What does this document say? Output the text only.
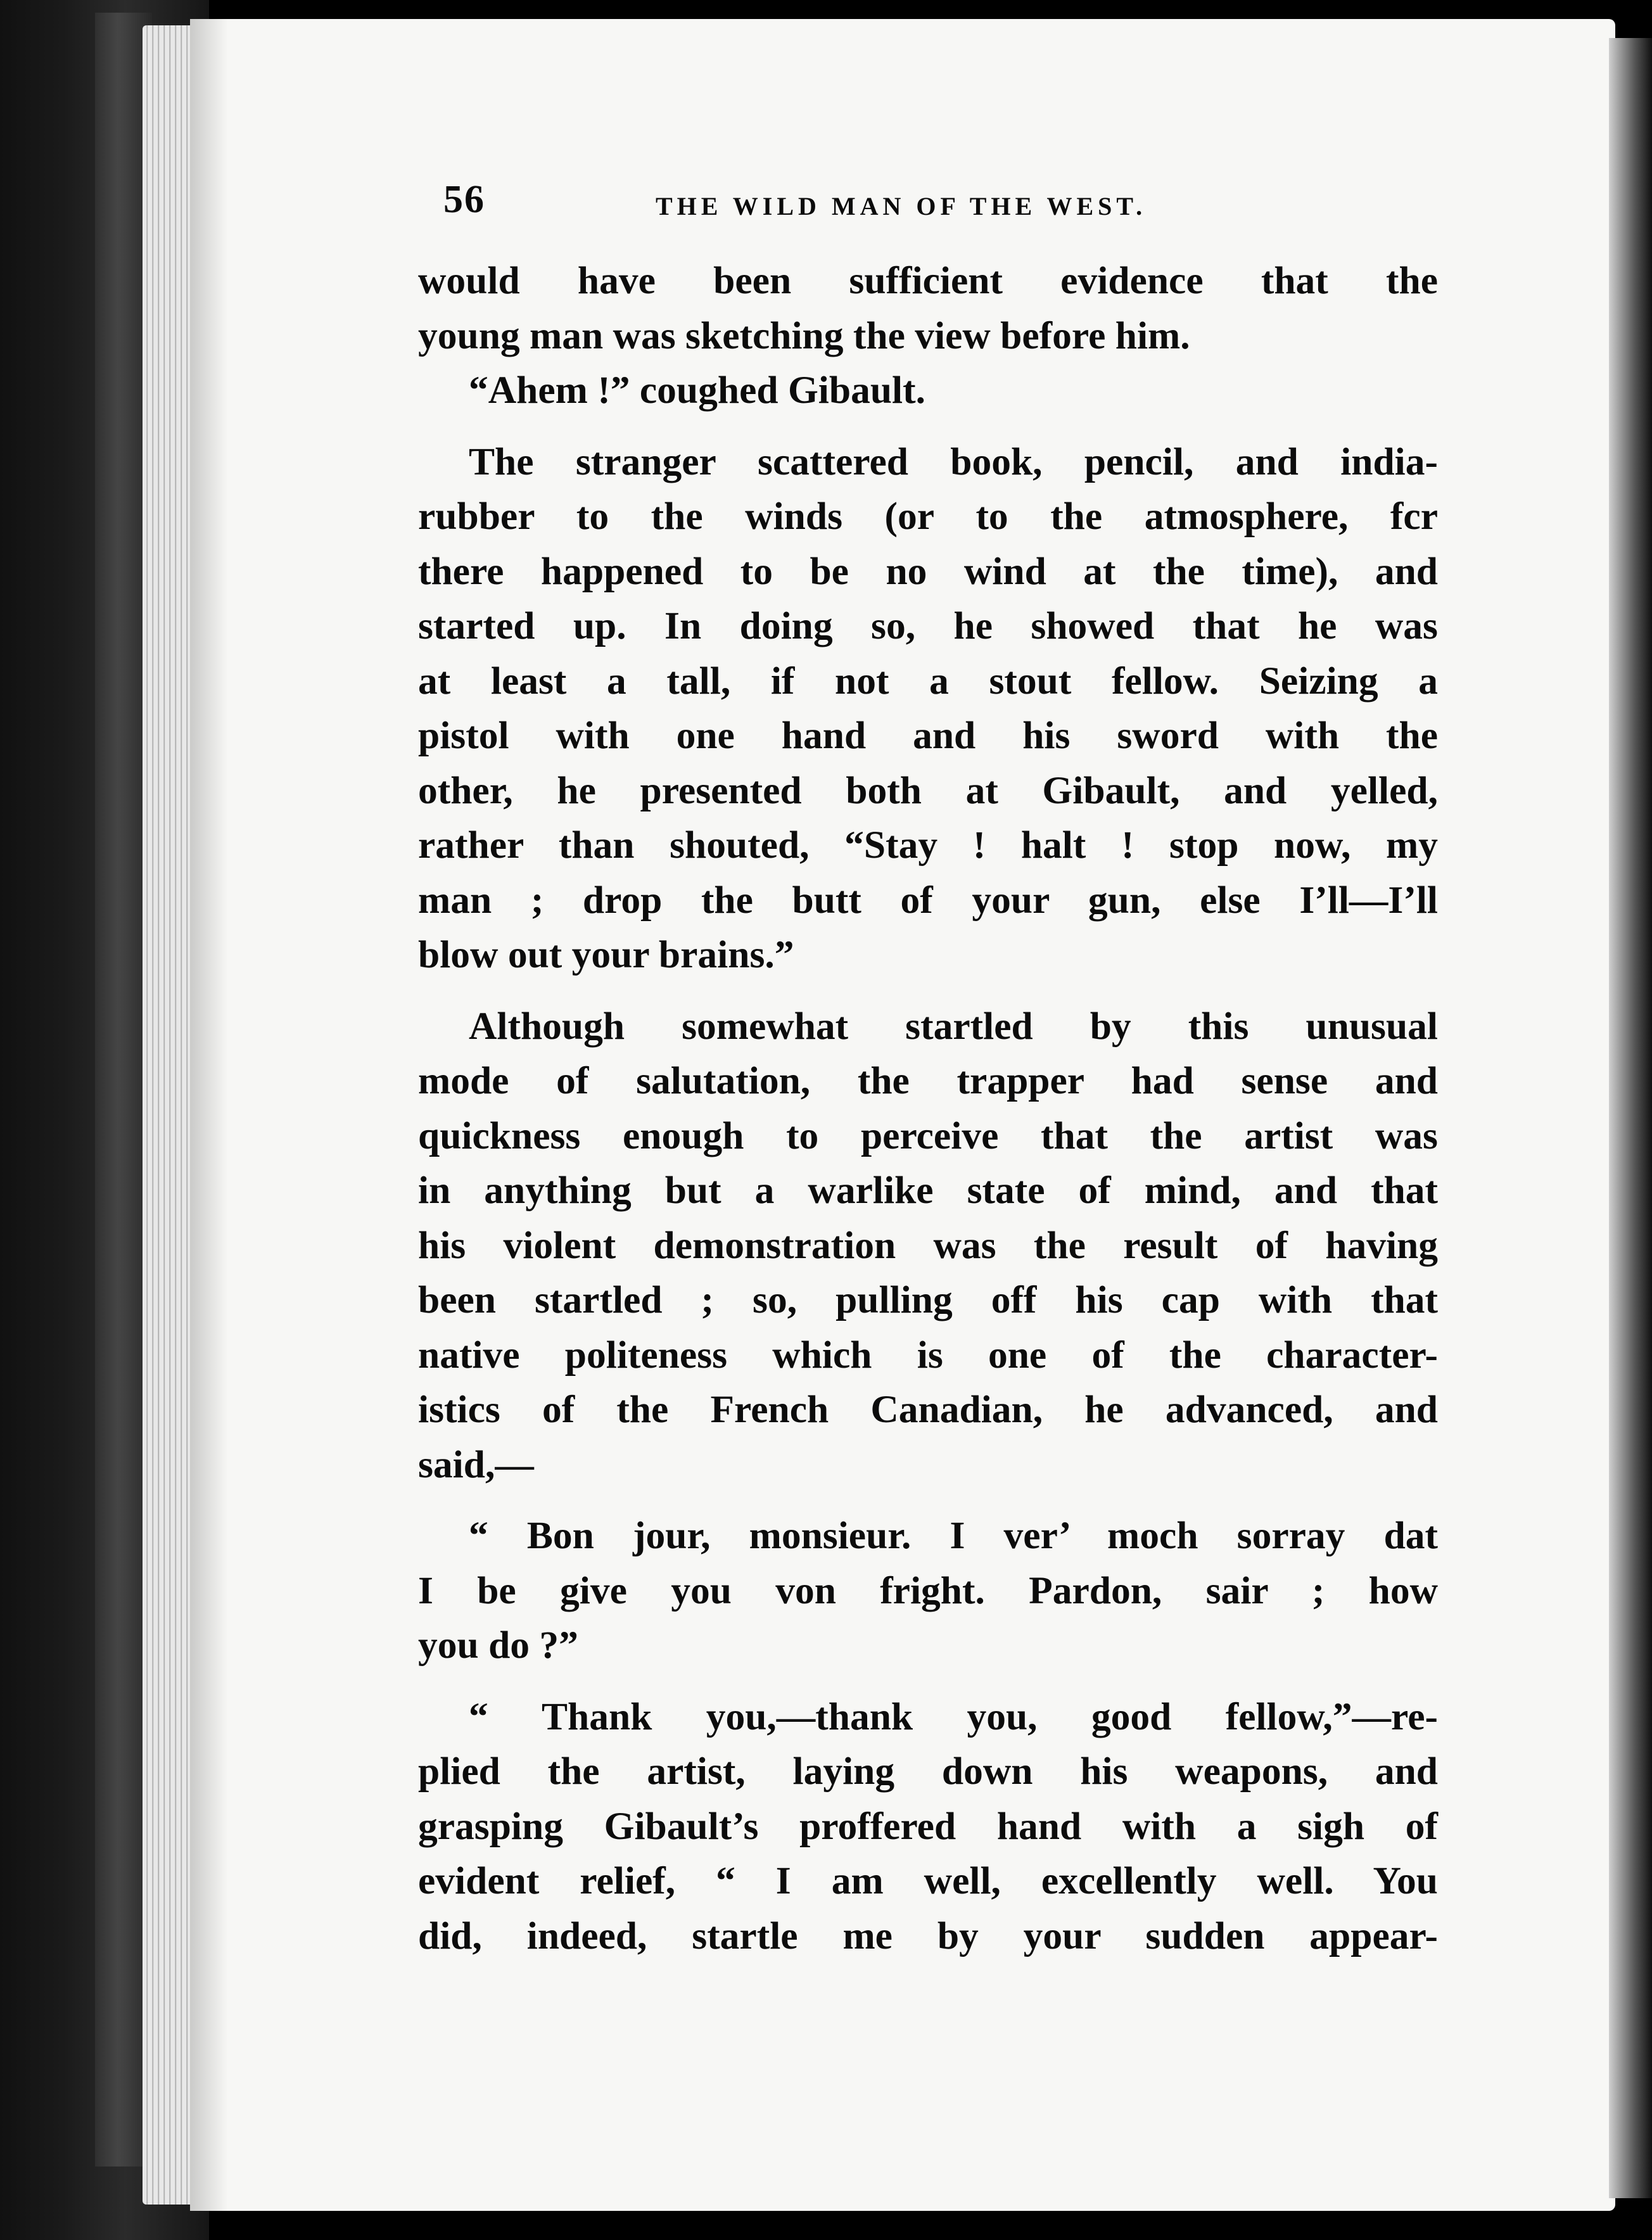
56	THE WILD MAN OF THE WEST.
would have been sufficient evidence that the
young man was sketching the view before him.
“Ahem !” coughed Gibault.
The stranger scattered book, pencil, and india-
rubber to the winds (or to the atmosphere, fcr
there happened to be no wind at the time), and
started up. In doing so, he showed that he was
at least a tall, if not a stout fellow. Seizing a
pistol with one hand and his sword with the
other, he presented both at Gibault, and yelled,
rather than shouted, “Stay ! halt ! stop now, my
man ; drop the butt of your gun, else I’ll—I’ll
blow out your brains.”
Although somewhat startled by this unusual
mode of salutation, the trapper had sense and
quickness enough to perceive that the artist was
in anything but a warlike state of mind, and that
his violent demonstration was the result of having
been startled ; so, pulling off his cap with that
native politeness which is one of the character-
istics of the French Canadian, he advanced, and
said,—
“ Bon jour, monsieur. I ver’ moch sorray dat
I be give you von fright. Pardon, sair ; how
you do ?”
“ Thank you,—thank you, good fellow,”—re-
plied the artist, laying down his weapons, and
grasping Gibault’s proffered hand with a sigh of
evident relief, “ I am well, excellently well. You
did, indeed, startle me by your sudden appear-
